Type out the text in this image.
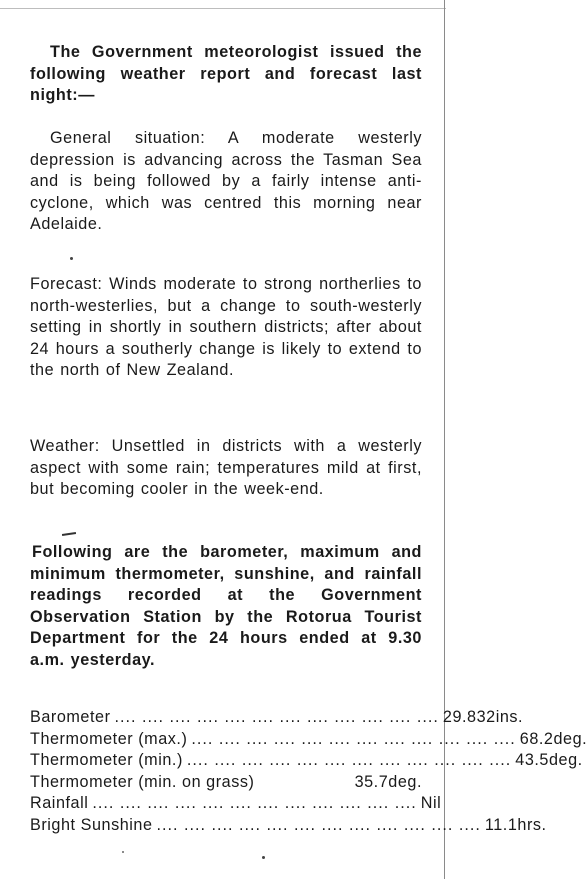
The Government meteorologist issued the following weather report and forecast last night:—

General situation: A moderate westerly depression is advancing across the Tasman Sea and is being followed by a fairly intense anti-cyclone, which was centred this morning near Adelaide.

Forecast: Winds moderate to strong northerlies to north-westerlies, but a change to south-westerly setting in shortly in southern districts; after about 24 hours a southerly change is likely to extend to the north of New Zealand.

Weather: Unsettled in districts with a westerly aspect with some rain; temperatures mild at first, but becoming cooler in the week-end.

Following are the barometer, maximum and minimum thermometer, sunshine, and rainfall readings recorded at the Government Observation Station by the Rotorua Tourist Department for the 24 hours ended at 9.30 a.m. yesterday.

Barometer .... .... .... .... .... .... .... .... .... .... .... .... 29.832ins.
Thermometer (max.) .... .... .... .... .... .... .... .... .... .... .... .... 68.2deg.
Thermometer (min.) .... .... .... .... .... .... .... .... .... .... .... .... 43.5deg.
Thermometer (min. on grass)	35.7deg.
Rainfall .... .... .... .... .... .... .... .... .... .... .... .... Nil
Bright Sunshine .... .... .... .... .... .... .... .... .... .... .... .... 11.1hrs.
